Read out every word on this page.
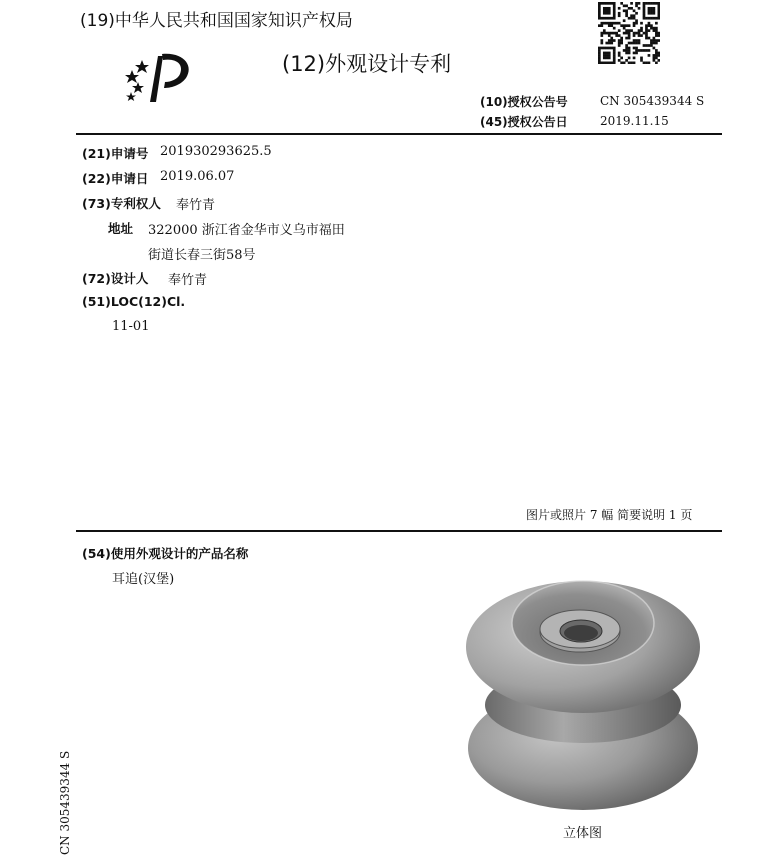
(19)中华人民共和国国家知识产权局
(12)外观设计专利
(10)授权公告号	CN 305439344 S
(45)授权公告日	2019.11.15
(21)申请号 201930293625.5
(22)申请日 2019.06.07
(73)专利权人 奉竹青
地址 322000 浙江省金华市义乌市福田
街道长春三街58号
(72)设计人 奉竹青
(51)LOC(12)Cl.
11-01
图片或照片 7 幅 简要说明 1 页
(54)使用外观设计的产品名称
耳追(汉堡)
立体图
CN 305439344 S
